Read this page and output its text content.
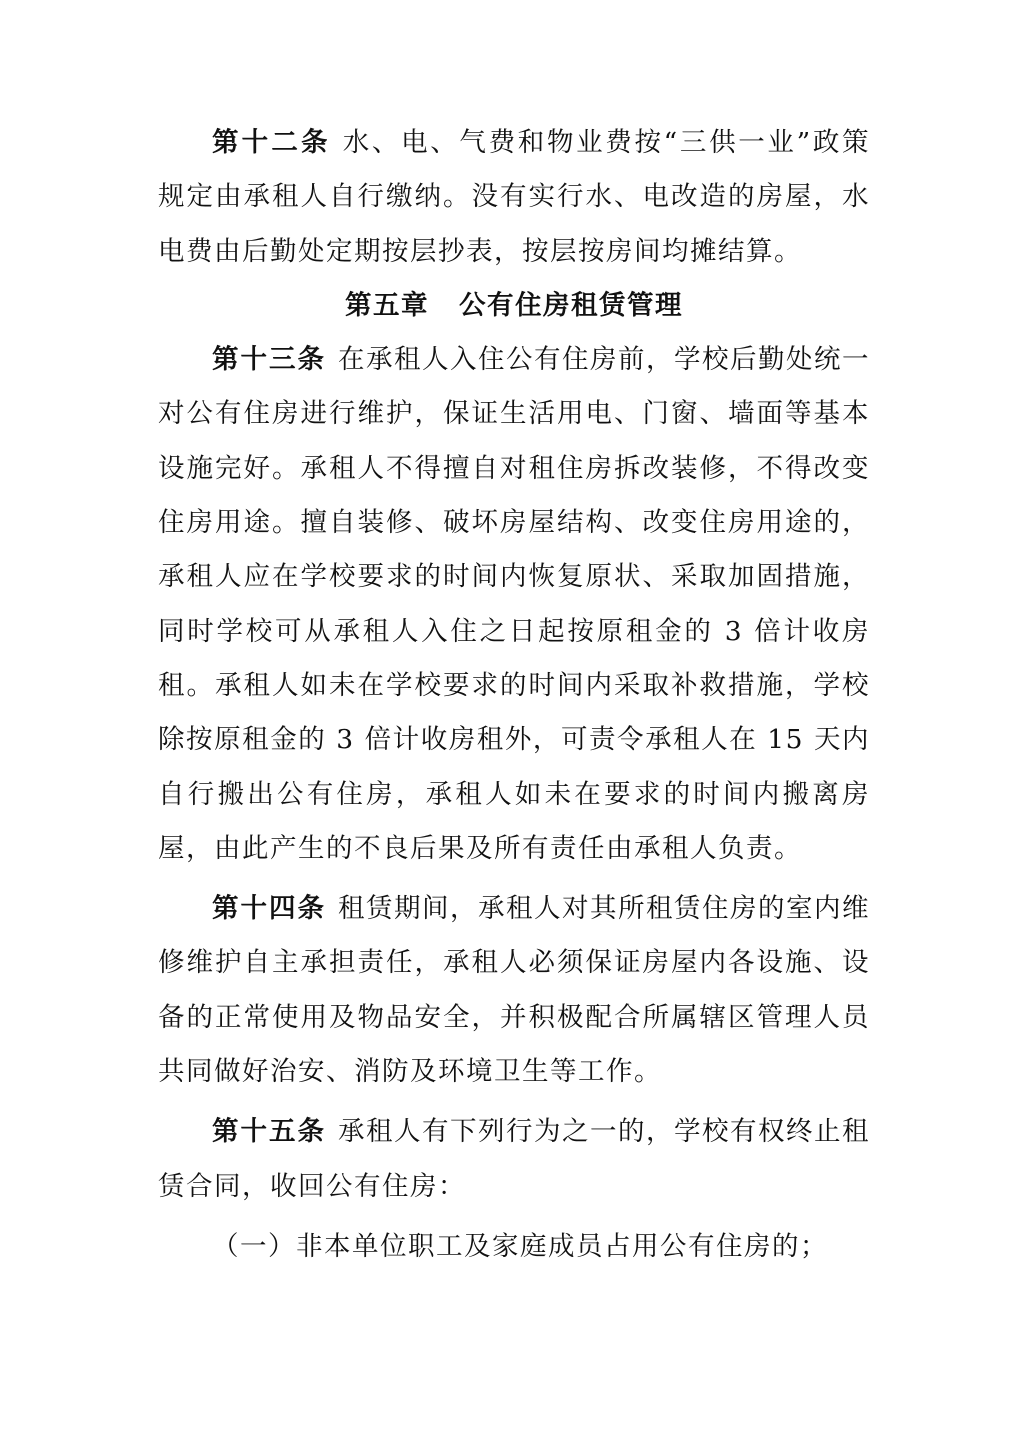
第十二条 水、电、气费和物业费按“三供一业”政策规定由承租人自行缴纳。没有实行水、电改造的房屋，水电费由后勤处定期按层抄表，按层按房间均摊结算。

第五章 公有住房租赁管理

第十三条 在承租人入住公有住房前，学校后勤处统一对公有住房进行维护，保证生活用电、门窗、墙面等基本设施完好。承租人不得擅自对租住房拆改装修，不得改变住房用途。擅自装修、破坏房屋结构、改变住房用途的，承租人应在学校要求的时间内恢复原状、采取加固措施，同时学校可从承租人入住之日起按原租金的 3 倍计收房租。承租人如未在学校要求的时间内采取补救措施，学校除按原租金的 3 倍计收房租外，可责令承租人在 15 天内自行搬出公有住房，承租人如未在要求的时间内搬离房屋，由此产生的不良后果及所有责任由承租人负责。

第十四条 租赁期间，承租人对其所租赁住房的室内维修维护自主承担责任，承租人必须保证房屋内各设施、设备的正常使用及物品安全，并积极配合所属辖区管理人员共同做好治安、消防及环境卫生等工作。

第十五条 承租人有下列行为之一的，学校有权终止租赁合同，收回公有住房：

（一）非本单位职工及家庭成员占用公有住房的；
